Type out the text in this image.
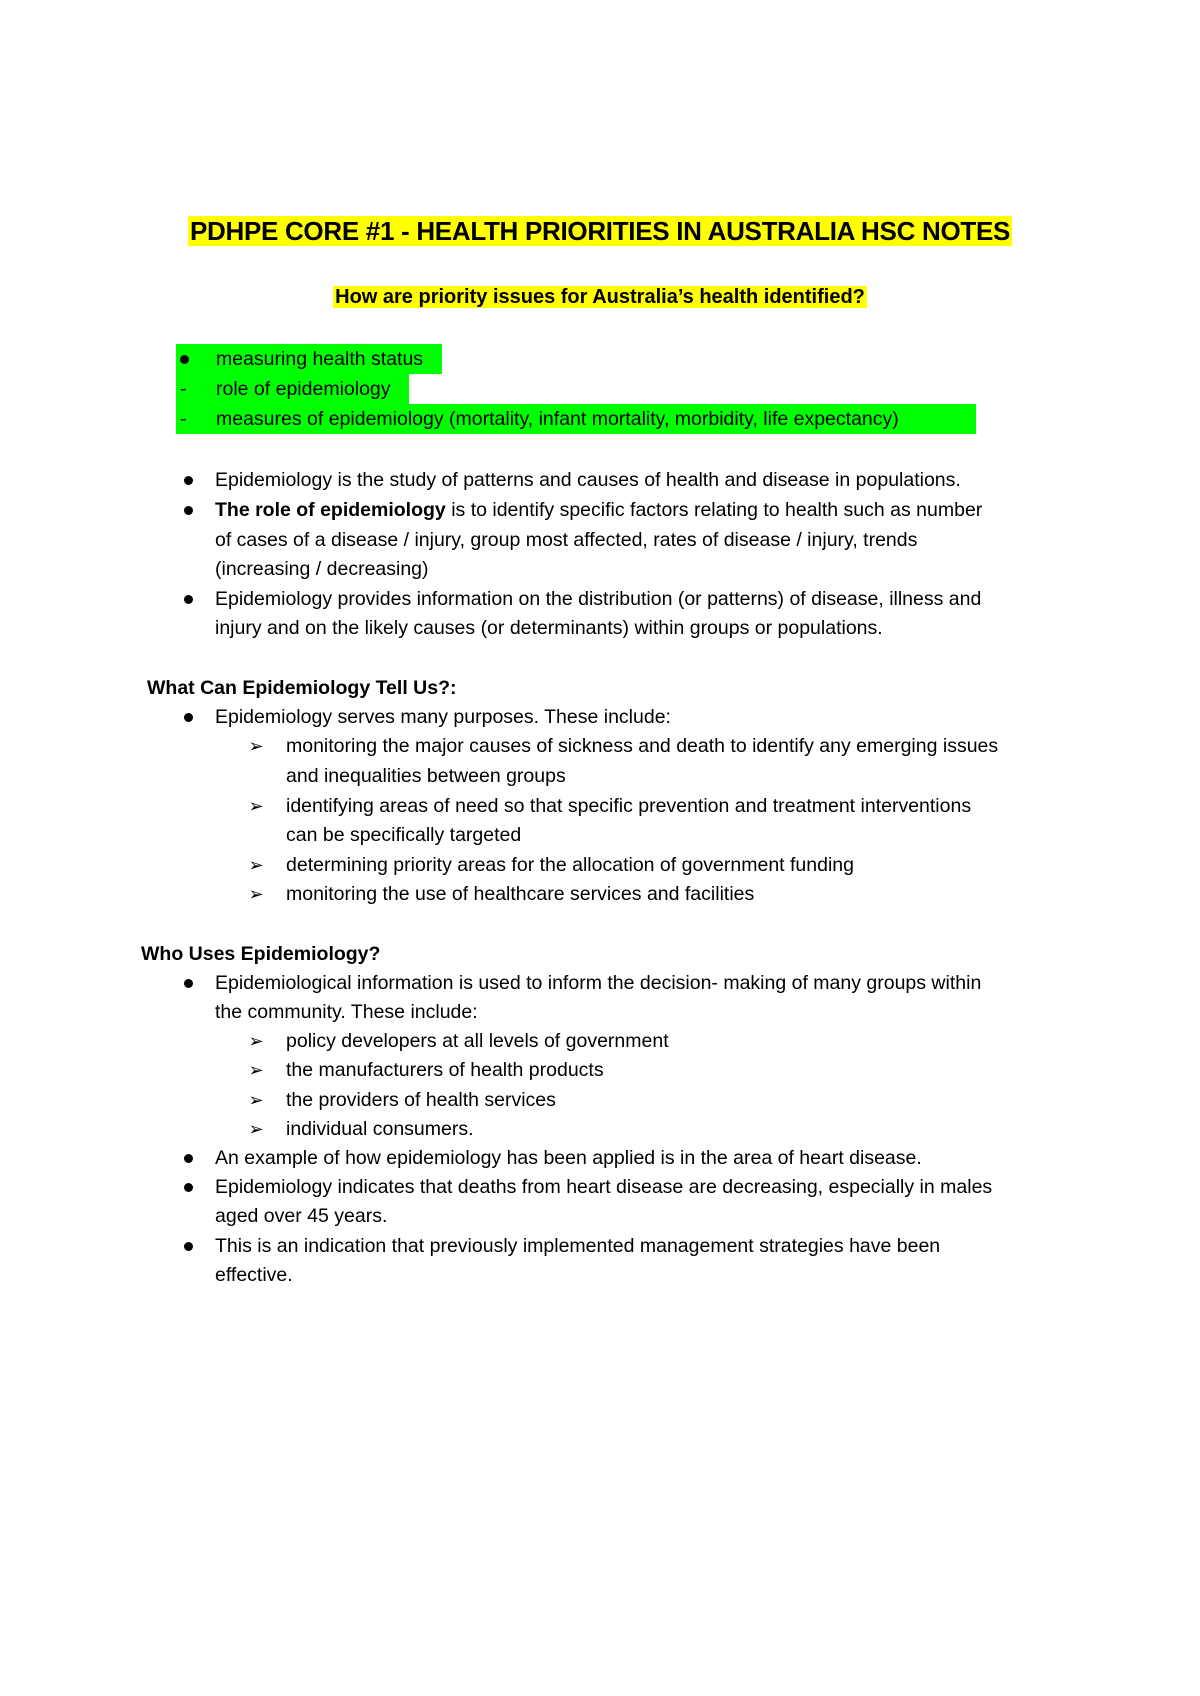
PDHPE CORE #1 - HEALTH PRIORITIES IN AUSTRALIA HSC NOTES
How are priority issues for Australia’s health identified?
measuring health status
- role of epidemiology
- measures of epidemiology (mortality, infant mortality, morbidity, life expectancy)
Epidemiology is the study of patterns and causes of health and disease in populations.
The role of epidemiology is to identify specific factors relating to health such as number
of cases of a disease / injury, group most affected, rates of disease / injury, trends
(increasing / decreasing)
Epidemiology provides information on the distribution (or patterns) of disease, illness and
injury and on the likely causes (or determinants) within groups or populations.
What Can Epidemiology Tell Us?:
Epidemiology serves many purposes. These include:
➢ monitoring the major causes of sickness and death to identify any emerging issues
and inequalities between groups
➢ identifying areas of need so that specific prevention and treatment interventions
can be specifically targeted
➢ determining priority areas for the allocation of government funding
➢ monitoring the use of healthcare services and facilities
Who Uses Epidemiology?
Epidemiological information is used to inform the decision- making of many groups within
the community. These include:
➢ policy developers at all levels of government
➢ the manufacturers of health products
➢ the providers of health services
➢ individual consumers.
An example of how epidemiology has been applied is in the area of heart disease.
Epidemiology indicates that deaths from heart disease are decreasing, especially in males
aged over 45 years.
This is an indication that previously implemented management strategies have been
effective.
